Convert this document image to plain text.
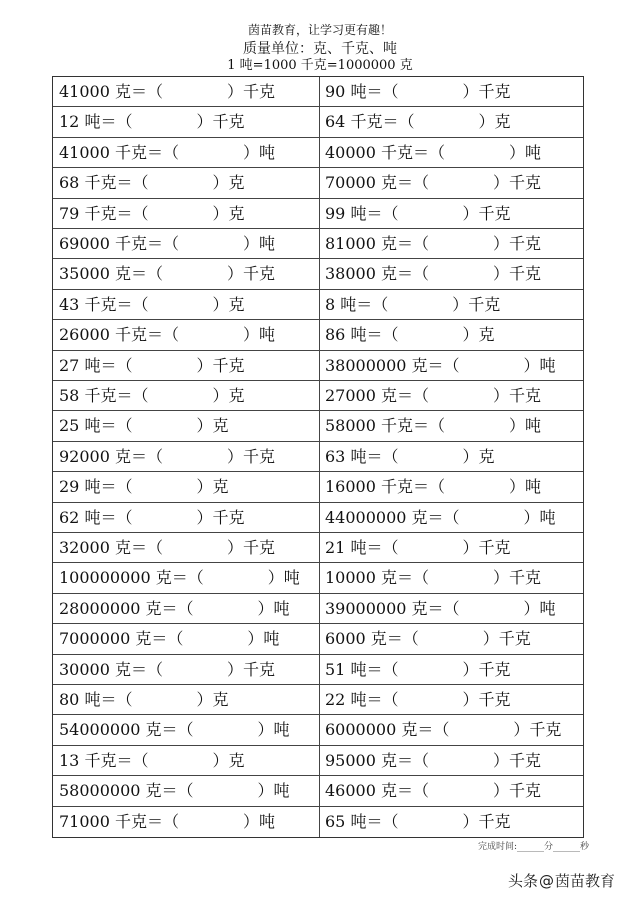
茵苗教育，让学习更有趣！
质量单位：克、千克、吨
1 吨=1000 千克=1000000 克
41000 克＝（　　　　）千克	90 吨＝（　　　　）千克
12 吨＝（　　　　）千克	64 千克＝（　　　　）克
41000 千克＝（　　　　）吨	40000 千克＝（　　　　）吨
68 千克＝（　　　　）克	70000 克＝（　　　　）千克
79 千克＝（　　　　）克	99 吨＝（　　　　）千克
69000 千克＝（　　　　）吨	81000 克＝（　　　　）千克
35000 克＝（　　　　）千克	38000 克＝（　　　　）千克
43 千克＝（　　　　）克	8 吨＝（　　　　）千克
26000 千克＝（　　　　）吨	86 吨＝（　　　　）克
27 吨＝（　　　　）千克	38000000 克＝（　　　　）吨
58 千克＝（　　　　）克	27000 克＝（　　　　）千克
25 吨＝（　　　　）克	58000 千克＝（　　　　）吨
92000 克＝（　　　　）千克	63 吨＝（　　　　）克
29 吨＝（　　　　）克	16000 千克＝（　　　　）吨
62 吨＝（　　　　）千克	44000000 克＝（　　　　）吨
32000 克＝（　　　　）千克	21 吨＝（　　　　）千克
100000000 克＝（　　　　）吨	10000 克＝（　　　　）千克
28000000 克＝（　　　　）吨	39000000 克＝（　　　　）吨
7000000 克＝（　　　　）吨	6000 克＝（　　　　）千克
30000 克＝（　　　　）千克	51 吨＝（　　　　）千克
80 吨＝（　　　　）克	22 吨＝（　　　　）千克
54000000 克＝（　　　　）吨	6000000 克＝（　　　　）千克
13 千克＝（　　　　）克	95000 克＝（　　　　）千克
58000000 克＝（　　　　）吨	46000 克＝（　　　　）千克
71000 千克＝（　　　　）吨	65 吨＝（　　　　）千克
完成时间:______分______秒
头条@茵苗教育
